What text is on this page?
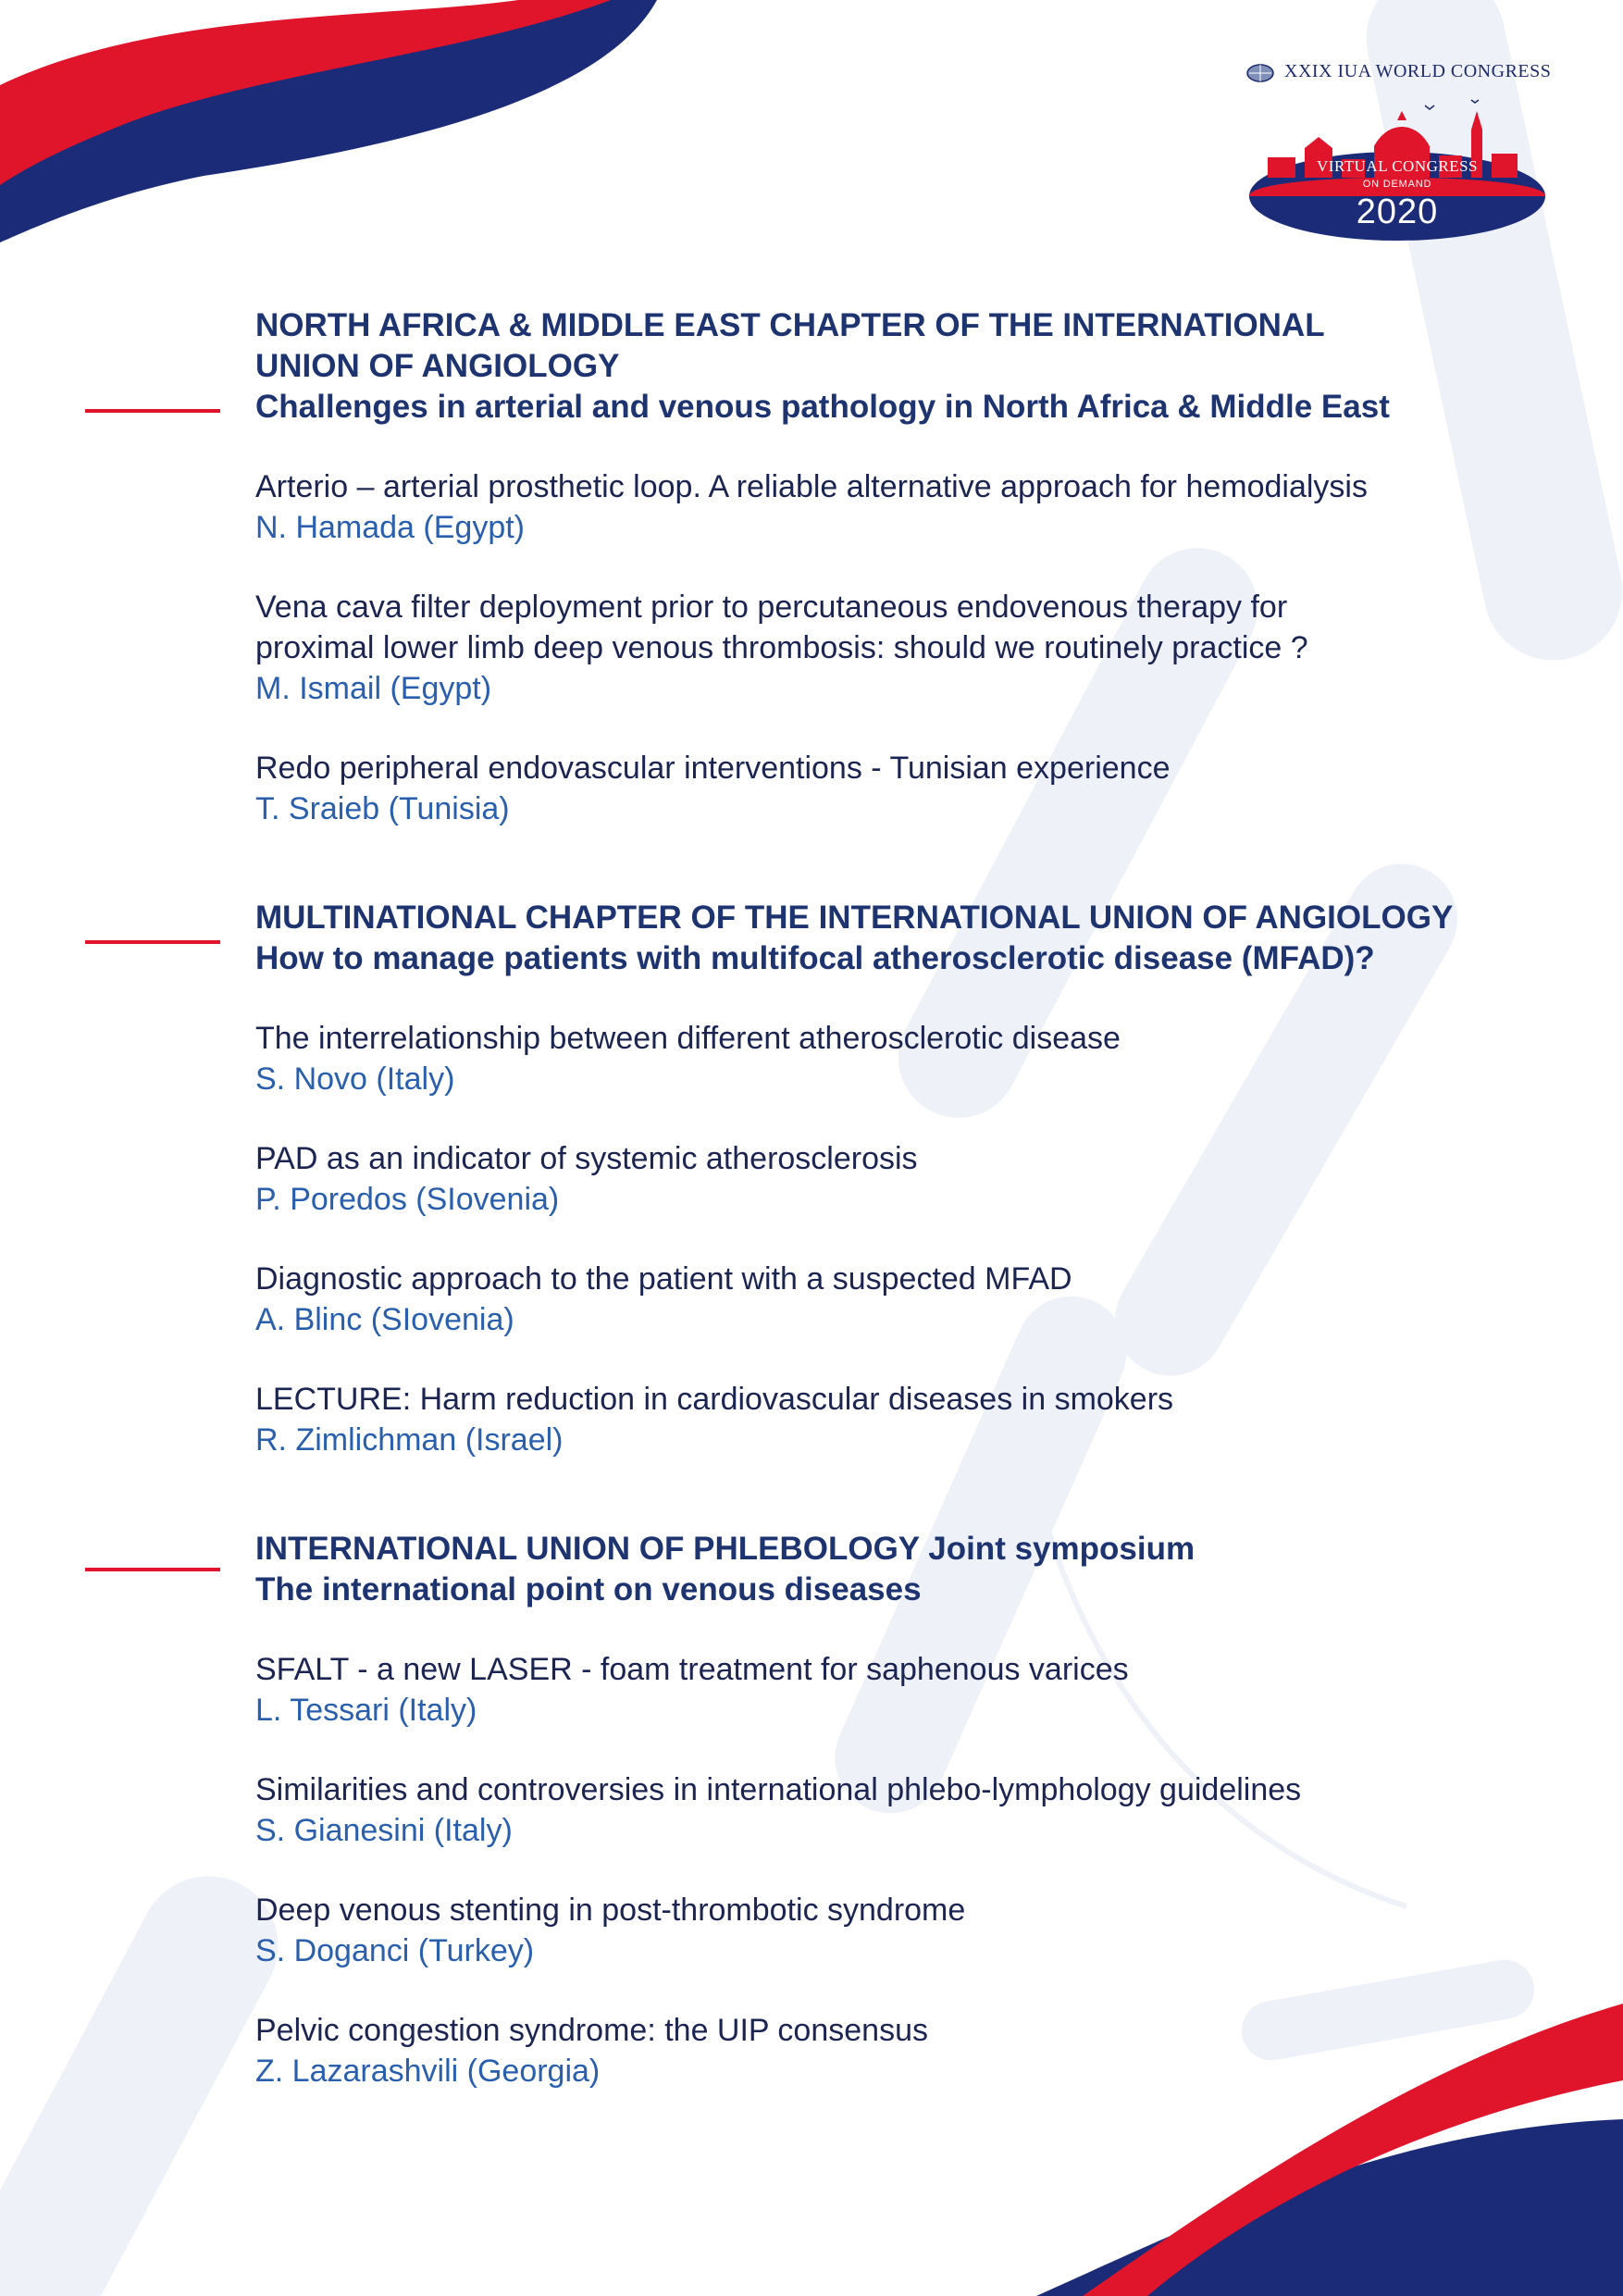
XXIX IUA WORLD CONGRESS
VIRTUAL CONGRESS
ON DEMAND
2020
NORTH AFRICA & MIDDLE EAST CHAPTER OF THE INTERNATIONAL
UNION OF ANGIOLOGY
Challenges in arterial and venous pathology in North Africa & Middle East
Arterio – arterial prosthetic loop. A reliable alternative approach for hemodialysis
N. Hamada (Egypt)
Vena cava filter deployment prior to percutaneous endovenous therapy for
proximal lower limb deep venous thrombosis: should we routinely practice ?
M. Ismail (Egypt)
Redo peripheral endovascular interventions - Tunisian experience
T. Sraieb (Tunisia)
MULTINATIONAL CHAPTER OF THE INTERNATIONAL UNION OF ANGIOLOGY
How to manage patients with multifocal atherosclerotic disease (MFAD)?
The interrelationship between different atherosclerotic disease
S. Novo (Italy)
PAD as an indicator of systemic atherosclerosis
P. Poredos (SIovenia)
Diagnostic approach to the patient with a suspected MFAD
A. Blinc (SIovenia)
LECTURE: Harm reduction in cardiovascular diseases in smokers
R. Zimlichman (Israel)
INTERNATIONAL UNION OF PHLEBOLOGY Joint symposium
The international point on venous diseases
SFALT - a new LASER - foam treatment for saphenous varices
L. Tessari (Italy)
Similarities and controversies in international phlebo-lymphology guidelines
S. Gianesini (Italy)
Deep venous stenting in post-thrombotic syndrome
S. Doganci (Turkey)
Pelvic congestion syndrome: the UIP consensus
Z. Lazarashvili (Georgia)
